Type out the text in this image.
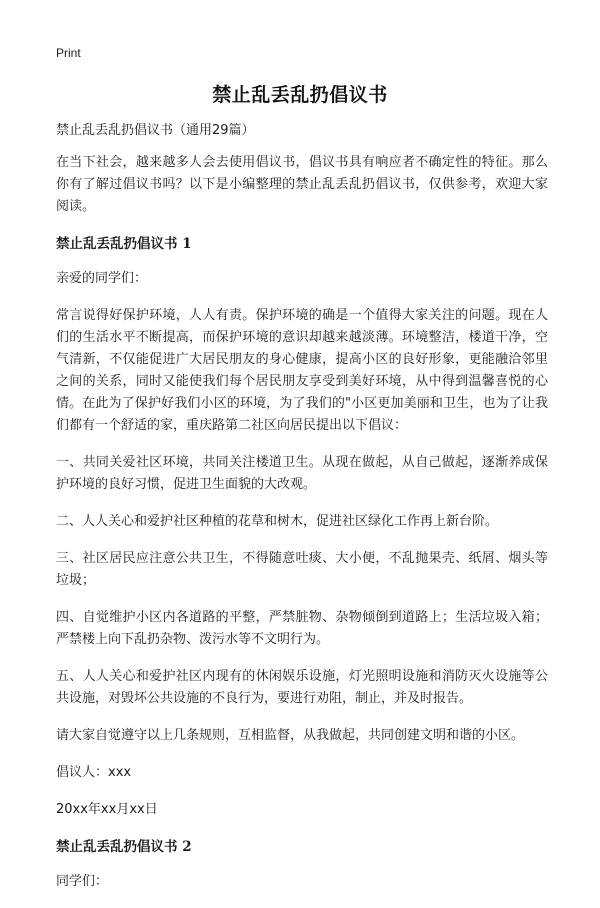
Print
禁止乱丢乱扔倡议书

禁止乱丢乱扔倡议书（通用29篇）

在当下社会，越来越多人会去使用倡议书，倡议书具有响应者不确定性的特征。那么你有了解过倡议书吗？以下是小编整理的禁止乱丢乱扔倡议书，仅供参考，欢迎大家阅读。

禁止乱丢乱扔倡议书 1

亲爱的同学们：

常言说得好保护环境，人人有责。保护环境的确是一个值得大家关注的问题。现在人们的生活水平不断提高，而保护环境的意识却越来越淡薄。环境整洁，楼道干净，空气清新，不仅能促进广大居民朋友的身心健康，提高小区的良好形象，更能融洽邻里之间的关系，同时又能使我们每个居民朋友享受到美好环境，从中得到温馨喜悦的心情。在此为了保护好我们小区的环境，为了我们的"小区更加美丽和卫生，也为了让我们都有一个舒适的家，重庆路第二社区向居民提出以下倡议：

一、共同关爱社区环境，共同关注楼道卫生。从现在做起，从自己做起，逐渐养成保护环境的良好习惯，促进卫生面貌的大改观。

二、人人关心和爱护社区种植的花草和树木，促进社区绿化工作再上新台阶。

三、社区居民应注意公共卫生，不得随意吐痰、大小便，不乱抛果壳、纸屑、烟头等垃圾；

四、自觉维护小区内各道路的平整，严禁脏物、杂物倾倒到道路上；生活垃圾入箱；严禁楼上向下乱扔杂物、泼污水等不文明行为。

五、人人关心和爱护社区内现有的休闲娱乐设施，灯光照明设施和消防灭火设施等公共设施，对毁坏公共设施的不良行为，要进行劝阻，制止，并及时报告。

请大家自觉遵守以上几条规则，互相监督，从我做起，共同创建文明和谐的小区。

倡议人：xxx

20xx年xx月xx日

禁止乱丢乱扔倡议书 2

同学们：
